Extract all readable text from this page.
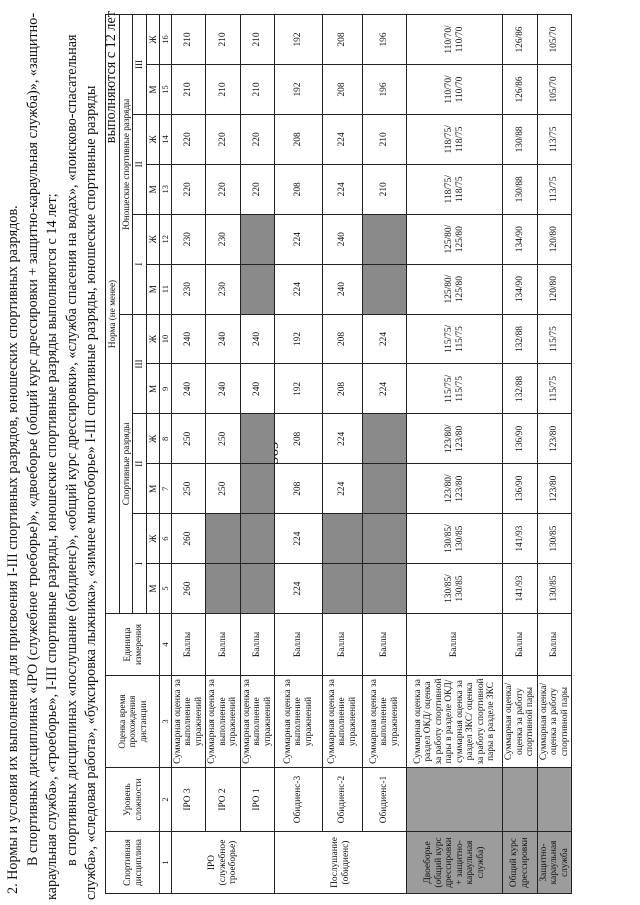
2. Нормы и условия их выполнения для присвоения I-III спортивных разрядов, юношеских спортивных разрядов. В спортивных дисциплинах «IPO (служебное троеборье)», «двоеборье (общий курс дрессировки + защитно-караульная служба)», «защитно- караульная служба», «троеборье», I-III спортивные разряды, юношеские спортивные разряды выполняются с 14 лет; в спортивных дисциплинах «послушание (обидиенс)», «общий курс дрессировки», «служба спасения на водах», «поисково-спасательная служба», «следовая работа», «буксировка лыжника», «зимнее многоборье» I-III спортивные разряды, юношеские спортивные разряды

выполняются с 12 лет

Спортивная дисциплина	Уровень сложности	Оценка время прохождения дистанции	Единица измерения	Норма (не менее)											
				Спортивные разряды						Юношеские спортивные разряды					
				I		II		III		I		II		III	
				М	Ж	М	Ж	М	Ж	М	Ж	М	Ж	М	Ж
1	2	3	4	5	6	7	8	9	10	11	12	13	14	15	16
IPO (служебное троеборье)	IPO 3	Суммарная оценка за выполнение упражнений	Баллы	260	260	250	250	240	240	230	230	220	220	210	210
	IPO 2	Суммарная оценка за выполнение упражнений	Баллы			250	250	240	240	230	230	220	220	210	210
	IPO 1	Суммарная оценка за выполнение упражнений	Баллы					240	240			220	220	210	210
Послушание (обидиенс)	Обидиенс-3	Суммарная оценка за выполнение упражнений	Баллы	224	224	208	208	192	192	224	224	208	208	192	192
	Обидиенс-2	Суммарная оценка за выполнение упражнений	Баллы			224	224	208	208	240	240	224	224	208	208
	Обидиенс-1	Суммарная оценка за выполнение упражнений	Баллы					224	224			210	210	196	196
Двоеборье (общий курс дрессировки + защитно-караульная служба)		Суммарная оценка за раздел ОКД/ оценка за работу спортивной пары в разделе ОКД/ суммарная оценка за раздел ЗКС/ оценка за работу спортивной пары в разделе ЗКС	Баллы	130/85/ 130/85	130/85/ 130/85	123/80/ 123/80	123/80/ 123/80	115/75/ 115/75	115/75/ 115/75	125/80/ 125/80	125/80/ 125/80	118/75/ 118/75	118/75/ 118/75	110/70/ 110/70	110/70/ 110/70
Общий курс дрессировки		Суммарная оценка/ оценка за работу спортивной пары	Баллы	141/93	141/93	136/90	136/90	132/88	132/88	134/90	134/90	130/88	130/88	126/86	126/86
Защитно-караульная служба		Суммарная оценка/ оценка за работу спортивной пары	Баллы	130/85	130/85	123/80	123/80	115/75	115/75	120/80	120/80	113/75	113/75	105/70	105/70
